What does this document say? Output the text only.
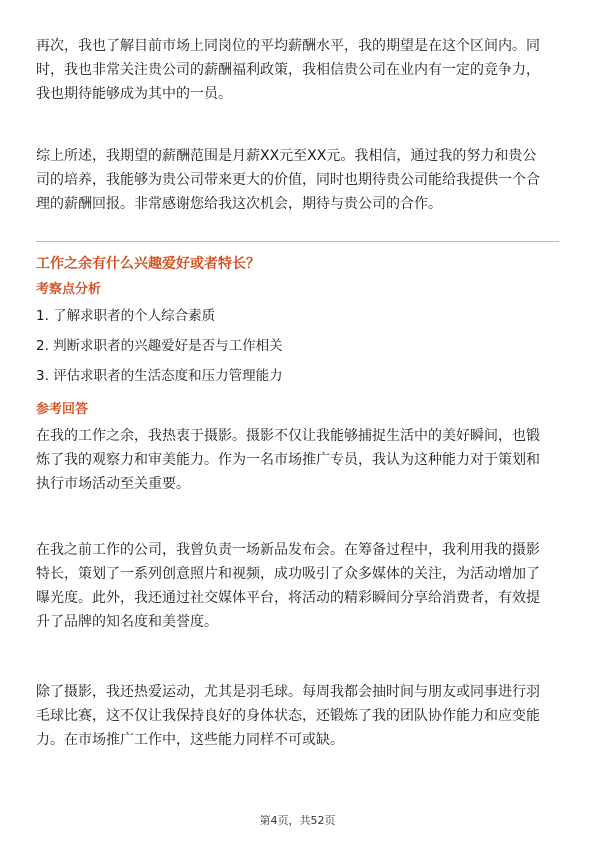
再次，我也了解目前市场上同岗位的平均薪酬水平，我的期望是在这个区间内。同
时，我也非常关注贵公司的薪酬福利政策，我相信贵公司在业内有一定的竞争力，
我也期待能够成为其中的一员。

综上所述，我期望的薪酬范围是月薪XX元至XX元。我相信，通过我的努力和贵公
司的培养，我能够为贵公司带来更大的价值，同时也期待贵公司能给我提供一个合
理的薪酬回报。非常感谢您给我这次机会，期待与贵公司的合作。

工作之余有什么兴趣爱好或者特长？

考察点分析

1. 了解求职者的个人综合素质

2. 判断求职者的兴趣爱好是否与工作相关

3. 评估求职者的生活态度和压力管理能力

参考回答

在我的工作之余，我热衷于摄影。摄影不仅让我能够捕捉生活中的美好瞬间，也锻
炼了我的观察力和审美能力。作为一名市场推广专员，我认为这种能力对于策划和
执行市场活动至关重要。

在我之前工作的公司，我曾负责一场新品发布会。在筹备过程中，我利用我的摄影
特长，策划了一系列创意照片和视频，成功吸引了众多媒体的关注，为活动增加了
曝光度。此外，我还通过社交媒体平台，将活动的精彩瞬间分享给消费者，有效提
升了品牌的知名度和美誉度。

除了摄影，我还热爱运动，尤其是羽毛球。每周我都会抽时间与朋友或同事进行羽
毛球比赛，这不仅让我保持良好的身体状态，还锻炼了我的团队协作能力和应变能
力。在市场推广工作中，这些能力同样不可或缺。

第4页，共52页
